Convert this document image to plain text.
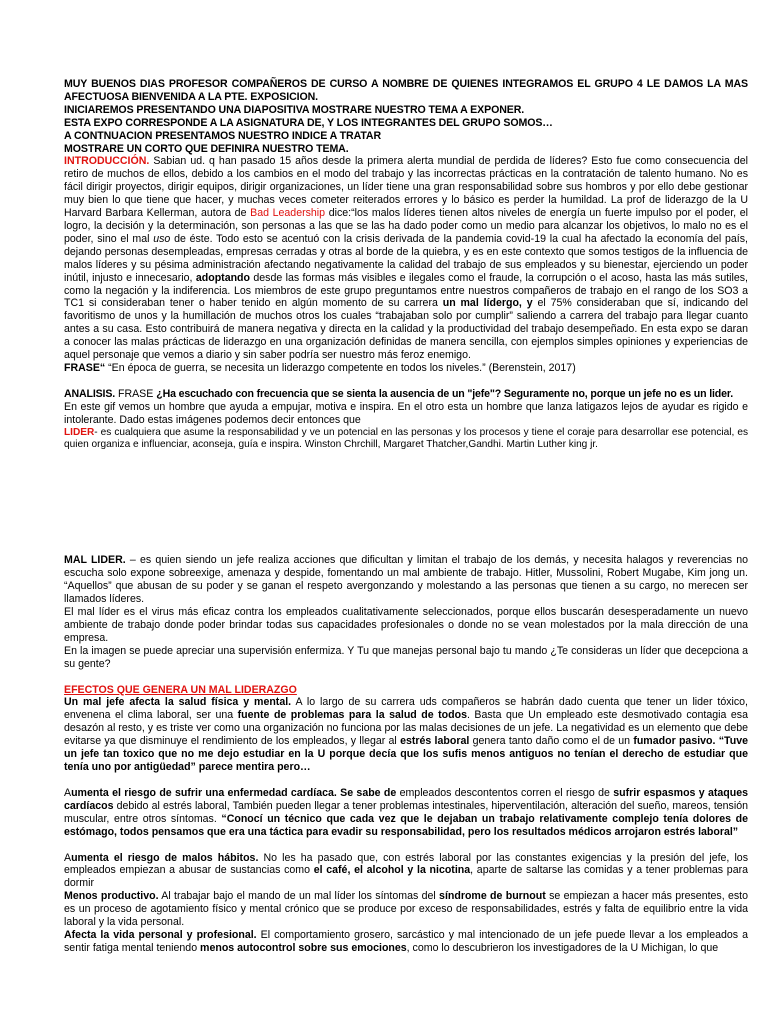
MUY BUENOS DIAS PROFESOR COMPAÑEROS DE CURSO A NOMBRE DE QUIENES INTEGRAMOS EL GRUPO 4 LE DAMOS LA MAS AFECTUOSA BIENVENIDA A LA PTE. EXPOSICION.

INICIAREMOS PRESENTANDO UNA DIAPOSITIVA MOSTRARE NUESTRO TEMA A EXPONER.

ESTA EXPO CORRESPONDE A LA ASIGNATURA DE, Y LOS INTEGRANTES DEL GRUPO SOMOS…

A CONTNUACION PRESENTAMOS NUESTRO INDICE A TRATAR

MOSTRARE UN CORTO QUE DEFINIRA NUESTRO TEMA.

INTRODUCCIÓN. Sabian ud. q han pasado 15 años desde la primera alerta mundial de perdida de líderes? Esto fue como consecuencia del retiro de muchos de ellos, debido a los cambios en el modo del trabajo y las incorrectas prácticas en la contratación de talento humano. No es fácil dirigir proyectos, dirigir equipos, dirigir organizaciones, un líder tiene una gran responsabilidad sobre sus hombros y por ello debe gestionar muy bien lo que tiene que hacer, y muchas veces cometer reiterados errores y lo básico es perder la humildad. La prof de liderazgo de la U Harvard Barbara Kellerman, autora de Bad Leadership dice:“los malos líderes tienen altos niveles de energía un fuerte impulso por el poder, el logro, la decisión y la determinación, son personas a las que se las ha dado poder como un medio para alcanzar los objetivos, lo malo no es el poder, sino el mal uso de éste. Todo esto se acentuó con la crisis derivada de la pandemia covid-19 la cual ha afectado la economía del país, dejando personas desempleadas, empresas cerradas y otras al borde de la quiebra, y es en este contexto que somos testigos de la influencia de malos líderes y su pésima administración afectando negativamente la calidad del trabajo de sus empleados y su bienestar, ejerciendo un poder inútil, injusto e innecesario, adoptando desde las formas más visibles e ilegales como el fraude, la corrupción o el acoso, hasta las más sutiles, como la negación y la indiferencia. Los miembros de este grupo preguntamos entre nuestros compañeros de trabajo en el rango de los SO3 a TC1 si consideraban tener o haber tenido en algún momento de su carrera un mal lídergo, y el 75% consideraban que sí, indicando del favoritismo de unos y la humillación de muchos otros los cuales “trabajaban solo por cumplir” saliendo a carrera del trabajo para llegar cuanto antes a su casa. Esto contribuirá de manera negativa y directa en la calidad y la productividad del trabajo desempeñado. En esta expo se daran a conocer las malas prácticas de liderazgo en una organización definidas de manera sencilla, con ejemplos simples opiniones y experiencias de aquel personaje que vemos a diario y sin saber podría ser nuestro más feroz enemigo.

FRASE“ “En época de guerra, se necesita un liderazgo competente en todos los niveles.” (Berenstein, 2017)

ANALISIS. FRASE ¿Ha escuchado con frecuencia que se sienta la ausencia de un "jefe"? Seguramente no, porque un jefe no es un lider.

En este gif vemos un hombre que ayuda a empujar, motiva e inspira. En el otro esta un hombre que lanza latigazos lejos de ayudar es rigido e intolerante. Dado estas imágenes podemos decir entonces que

LIDER- es cualquiera que asume la responsabilidad y ve un potencial en las personas y los procesos y tiene el coraje para desarrollar ese potencial, es quien organiza e influenciar, aconseja, guía e inspira. Winston Chrchill, Margaret Thatcher,Gandhi. Martin Luther king jr.

MAL LIDER. – es quien siendo un jefe realiza acciones que dificultan y limitan el trabajo de los demás, y necesita halagos y reverencias no escucha solo expone sobreexige, amenaza y despide, fomentando un mal ambiente de trabajo. Hitler, Mussolini, Robert Mugabe, Kim jong un. “Aquellos” que abusan de su poder y se ganan el respeto avergonzando y molestando a las personas que tienen a su cargo, no merecen ser llamados líderes.

El mal líder es el virus más eficaz contra los empleados cualitativamente seleccionados, porque ellos buscarán desesperadamente un nuevo ambiente de trabajo donde poder brindar todas sus capacidades profesionales o donde no se vean molestados por la mala dirección de una empresa.

En la imagen se puede apreciar una supervisión enfermiza. Y Tu que manejas personal bajo tu mando ¿Te consideras un líder que decepciona a su gente?

EFECTOS QUE GENERA UN MAL LIDERAZGO

Un mal jefe afecta la salud física y mental. A lo largo de su carrera uds compañeros se habrán dado cuenta que tener un lider tóxico, envenena el clima laboral, ser una fuente de problemas para la salud de todos. Basta que Un empleado este desmotivado contagia esa desazón al resto, y es triste ver como una organización no funciona por las malas decisiones de un jefe. La negatividad es un elemento que debe evitarse ya que disminuye el rendimiento de los empleados, y llegar al estrés laboral genera tanto daño como el de un fumador pasivo. “Tuve un jefe tan toxico que no me dejo estudiar en la U porque decía que los sufis menos antiguos no tenían el derecho de estudiar que tenía uno por antigüedad” parece mentira pero…

Aumenta el riesgo de sufrir una enfermedad cardíaca. Se sabe de empleados descontentos corren el riesgo de sufrir espasmos y ataques cardíacos debido al estrés laboral, También pueden llegar a tener problemas intestinales, hiperventilación, alteración del sueño, mareos, tensión muscular, entre otros síntomas. “Conocí un técnico que cada vez que le dejaban un trabajo relativamente complejo tenía dolores de estómago, todos pensamos que era una táctica para evadir su responsabilidad, pero los resultados médicos arrojaron estrés laboral”

Aumenta el riesgo de malos hábitos. No les ha pasado que, con estrés laboral por las constantes exigencias y la presión del jefe, los empleados empiezan a abusar de sustancias como el café, el alcohol y la nicotina, aparte de saltarse las comidas y a tener problemas para dormir

Menos productivo. Al trabajar bajo el mando de un mal líder los síntomas del síndrome de burnout se empiezan a hacer más presentes, esto es un proceso de agotamiento físico y mental crónico que se produce por exceso de responsabilidades, estrés y falta de equilibrio entre la vida laboral y la vida personal.

Afecta la vida personal y profesional. El comportamiento grosero, sarcástico y mal intencionado de un jefe puede llevar a los empleados a sentir fatiga mental teniendo menos autocontrol sobre sus emociones, como lo descubrieron los investigadores de la U Michigan, lo que
